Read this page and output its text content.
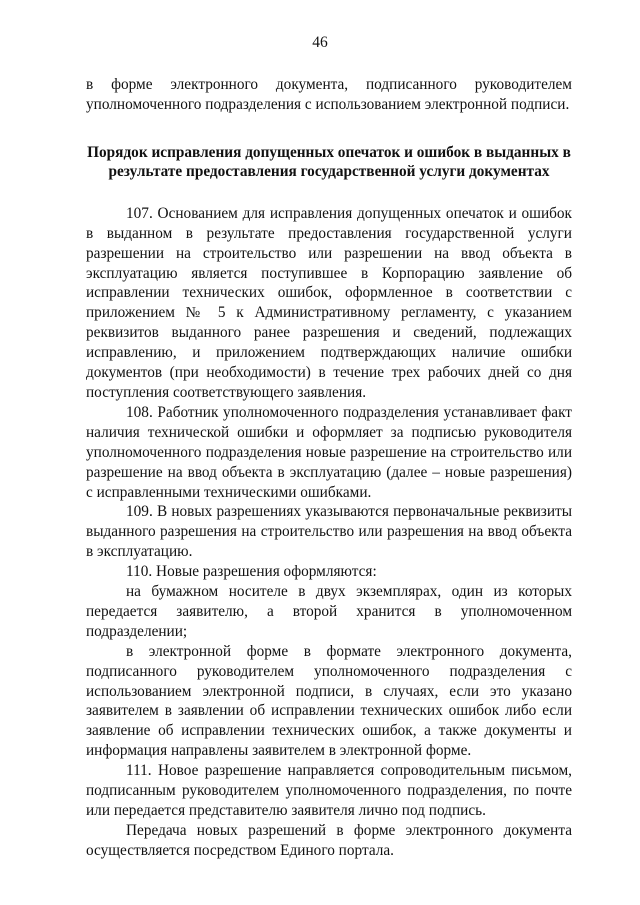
46

в форме электронного документа, подписанного руководителем уполномоченного подразделения с использованием электронной подписи.

Порядок исправления допущенных опечаток и ошибок в выданных в результате предоставления государственной услуги документах

107. Основанием для исправления допущенных опечаток и ошибок в выданном в результате предоставления государственной услуги разрешении на строительство или разрешении на ввод объекта в эксплуатацию является поступившее в Корпорацию заявление об исправлении технических ошибок, оформленное в соответствии с приложением № 5 к Административному регламенту, с указанием реквизитов выданного ранее разрешения и сведений, подлежащих исправлению, и приложением подтверждающих наличие ошибки документов (при необходимости) в течение трех рабочих дней со дня поступления соответствующего заявления.

108. Работник уполномоченного подразделения устанавливает факт наличия технической ошибки и оформляет за подписью руководителя уполномоченного подразделения новые разрешение на строительство или разрешение на ввод объекта в эксплуатацию (далее – новые разрешения) с исправленными техническими ошибками.

109. В новых разрешениях указываются первоначальные реквизиты выданного разрешения на строительство или разрешения на ввод объекта в эксплуатацию.

110. Новые разрешения оформляются:

на бумажном носителе в двух экземплярах, один из которых передается заявителю, а второй хранится в уполномоченном подразделении;

в электронной форме в формате электронного документа, подписанного руководителем уполномоченного подразделения с использованием электронной подписи, в случаях, если это указано заявителем в заявлении об исправлении технических ошибок либо если заявление об исправлении технических ошибок, а также документы и информация направлены заявителем в электронной форме.

111. Новое разрешение направляется сопроводительным письмом, подписанным руководителем уполномоченного подразделения, по почте или передается представителю заявителя лично под подпись.

Передача новых разрешений в форме электронного документа осуществляется посредством Единого портала.
